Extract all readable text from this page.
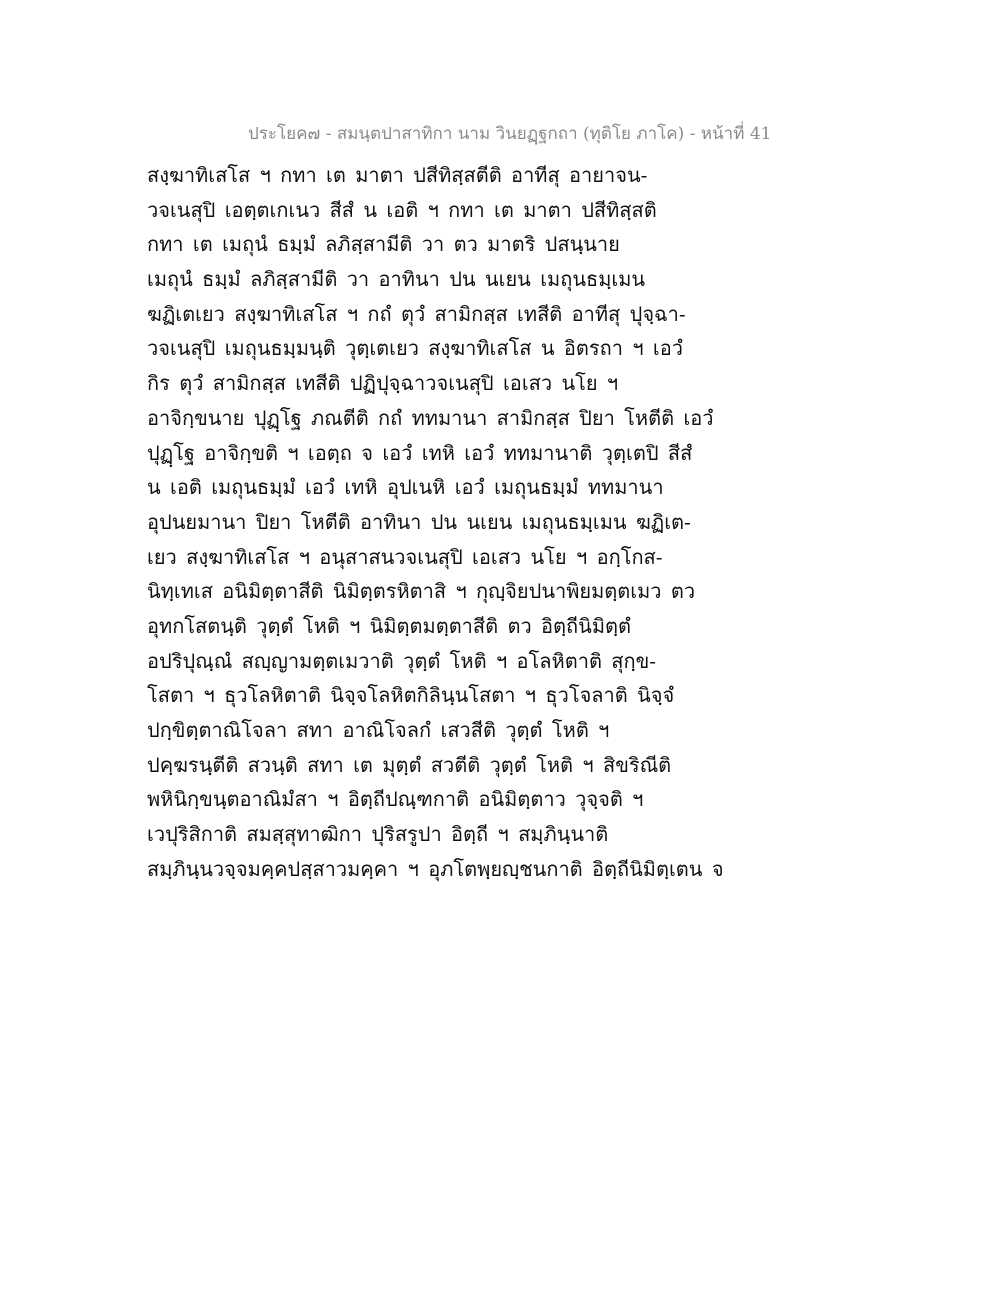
ประโยค๗ - สมนฺตปาสาทิกา นาม วินยฏฺฐกถา (ทุติโย ภาโค) - หน้าที่ 41
สงฺฆาทิเสโส ฯ กทา เต มาตา ปสีทิสฺสตีติ อาทีสุ อายาจน-
วจเนสุปิ เอตฺตเกเนว สีสํ น เอติ ฯ กทา เต มาตา ปสีทิสฺสติ
กทา เต เมถุนํ ธมฺมํ ลภิสฺสามีติ วา ตว มาตริ ปสนฺนาย
เมถุนํ ธมฺมํ ลภิสฺสามีติ วา อาทินา ปน นเยน เมถุนธมฺเมน
ฆฏิเตเยว สงฺฆาทิเสโส ฯ กถํ ตุวํ สามิกสฺส เทสีติ อาทีสุ ปุจฺฉา-
วจเนสุปิ เมถุนธมฺมนฺติ วุตฺเตเยว สงฺฆาทิเสโส น อิตรถา ฯ เอวํ
กิร ตุวํ สามิกสฺส เทสีติ ปฏิปุจฺฉาวจเนสุปิ เอเสว นโย ฯ
อาจิกฺขนาย ปุฏฺโฐ ภณตีติ กถํ ททมานา สามิกสฺส ปิยา โหตีติ เอวํ
ปุฏฺโฐ อาจิกฺขติ ฯ เอตฺถ จ เอวํ เทหิ เอวํ ททมานาติ วุตฺเตปิ สีสํ
น เอติ เมถุนธมฺมํ เอวํ เทหิ อุปเนหิ เอวํ เมถุนธมฺมํ ททมานา
อุปนยมานา ปิยา โหตีติ อาทินา ปน นเยน เมถุนธมฺเมน ฆฏิเต-
เยว สงฺฆาทิเสโส ฯ อนุสาสนวจเนสุปิ เอเสว นโย ฯ อกฺโกส-
นิทฺเทเส อนิมิตฺตาสีติ นิมิตฺตรหิตาสิ ฯ กุญฺจิยปนาพิยมตฺตเมว ตว
อุทกโสตนฺติ วุตฺตํ โหติ ฯ นิมิตฺตมตฺตาสีติ ตว อิตฺถีนิมิตฺตํ
อปริปุณฺณํ สญฺญามตฺตเมวาติ วุตฺตํ โหติ ฯ อโลหิตาติ สุกฺข-
โสตา ฯ ธุวโลหิตาติ นิจฺจโลหิตกิลินฺนโสตา ฯ ธุวโจลาติ นิจฺจํ
ปกฺขิตฺตาณิโจลา สทา อาณิโจลกํ เสวสีติ วุตฺตํ โหติ ฯ
ปคฺฆรนฺตีติ สวนฺติ สทา เต มุตฺตํ สวตีติ วุตฺตํ โหติ ฯ สิขริณีติ
พหินิกฺขนฺตอาณิมํสา ฯ อิตฺถีปณฺฑกาติ อนิมิตฺตาว วุจฺจติ ฯ
เวปุริสิกาติ สมสฺสุทาฒิกา ปุริสรูปา อิตฺถี ฯ สมฺภินฺนาติ
สมฺภินฺนวจฺจมคฺคปสฺสาวมคฺคา ฯ อุภโตพฺยญฺชนกาติ อิตฺถีนิมิตฺเตน จ
